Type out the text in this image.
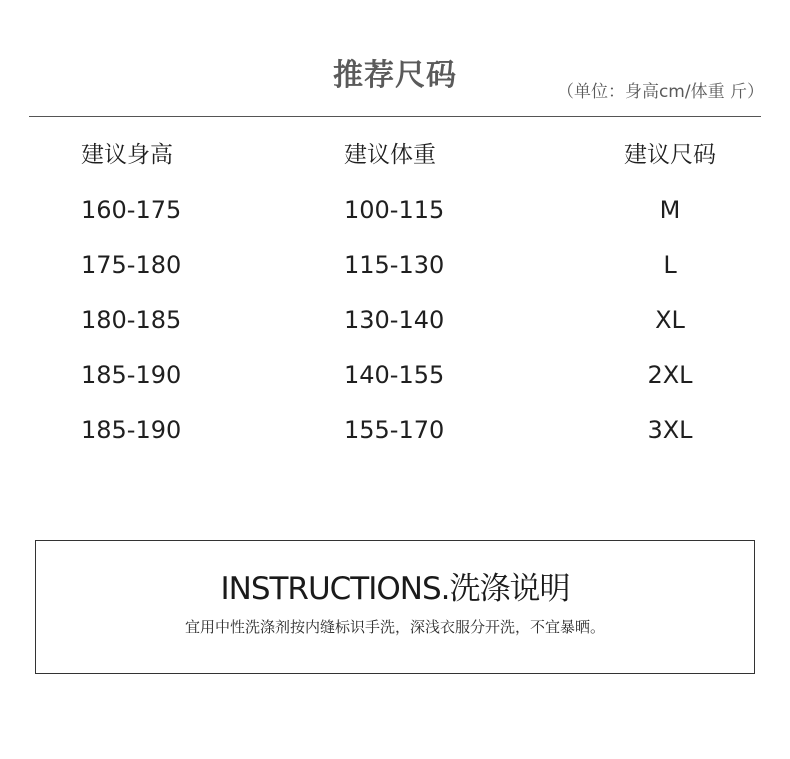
推荐尺码	（单位：身高cm/体重 斤）
建议身高	建议体重	建议尺码
160-175	100-115	M
175-180	115-130	L
180-185	130-140	XL
185-190	140-155	2XL
185-190	155-170	3XL
INSTRUCTIONS.洗涤说明
宜用中性洗涤剂按内缝标识手洗，深浅衣服分开洗，不宜暴晒。
